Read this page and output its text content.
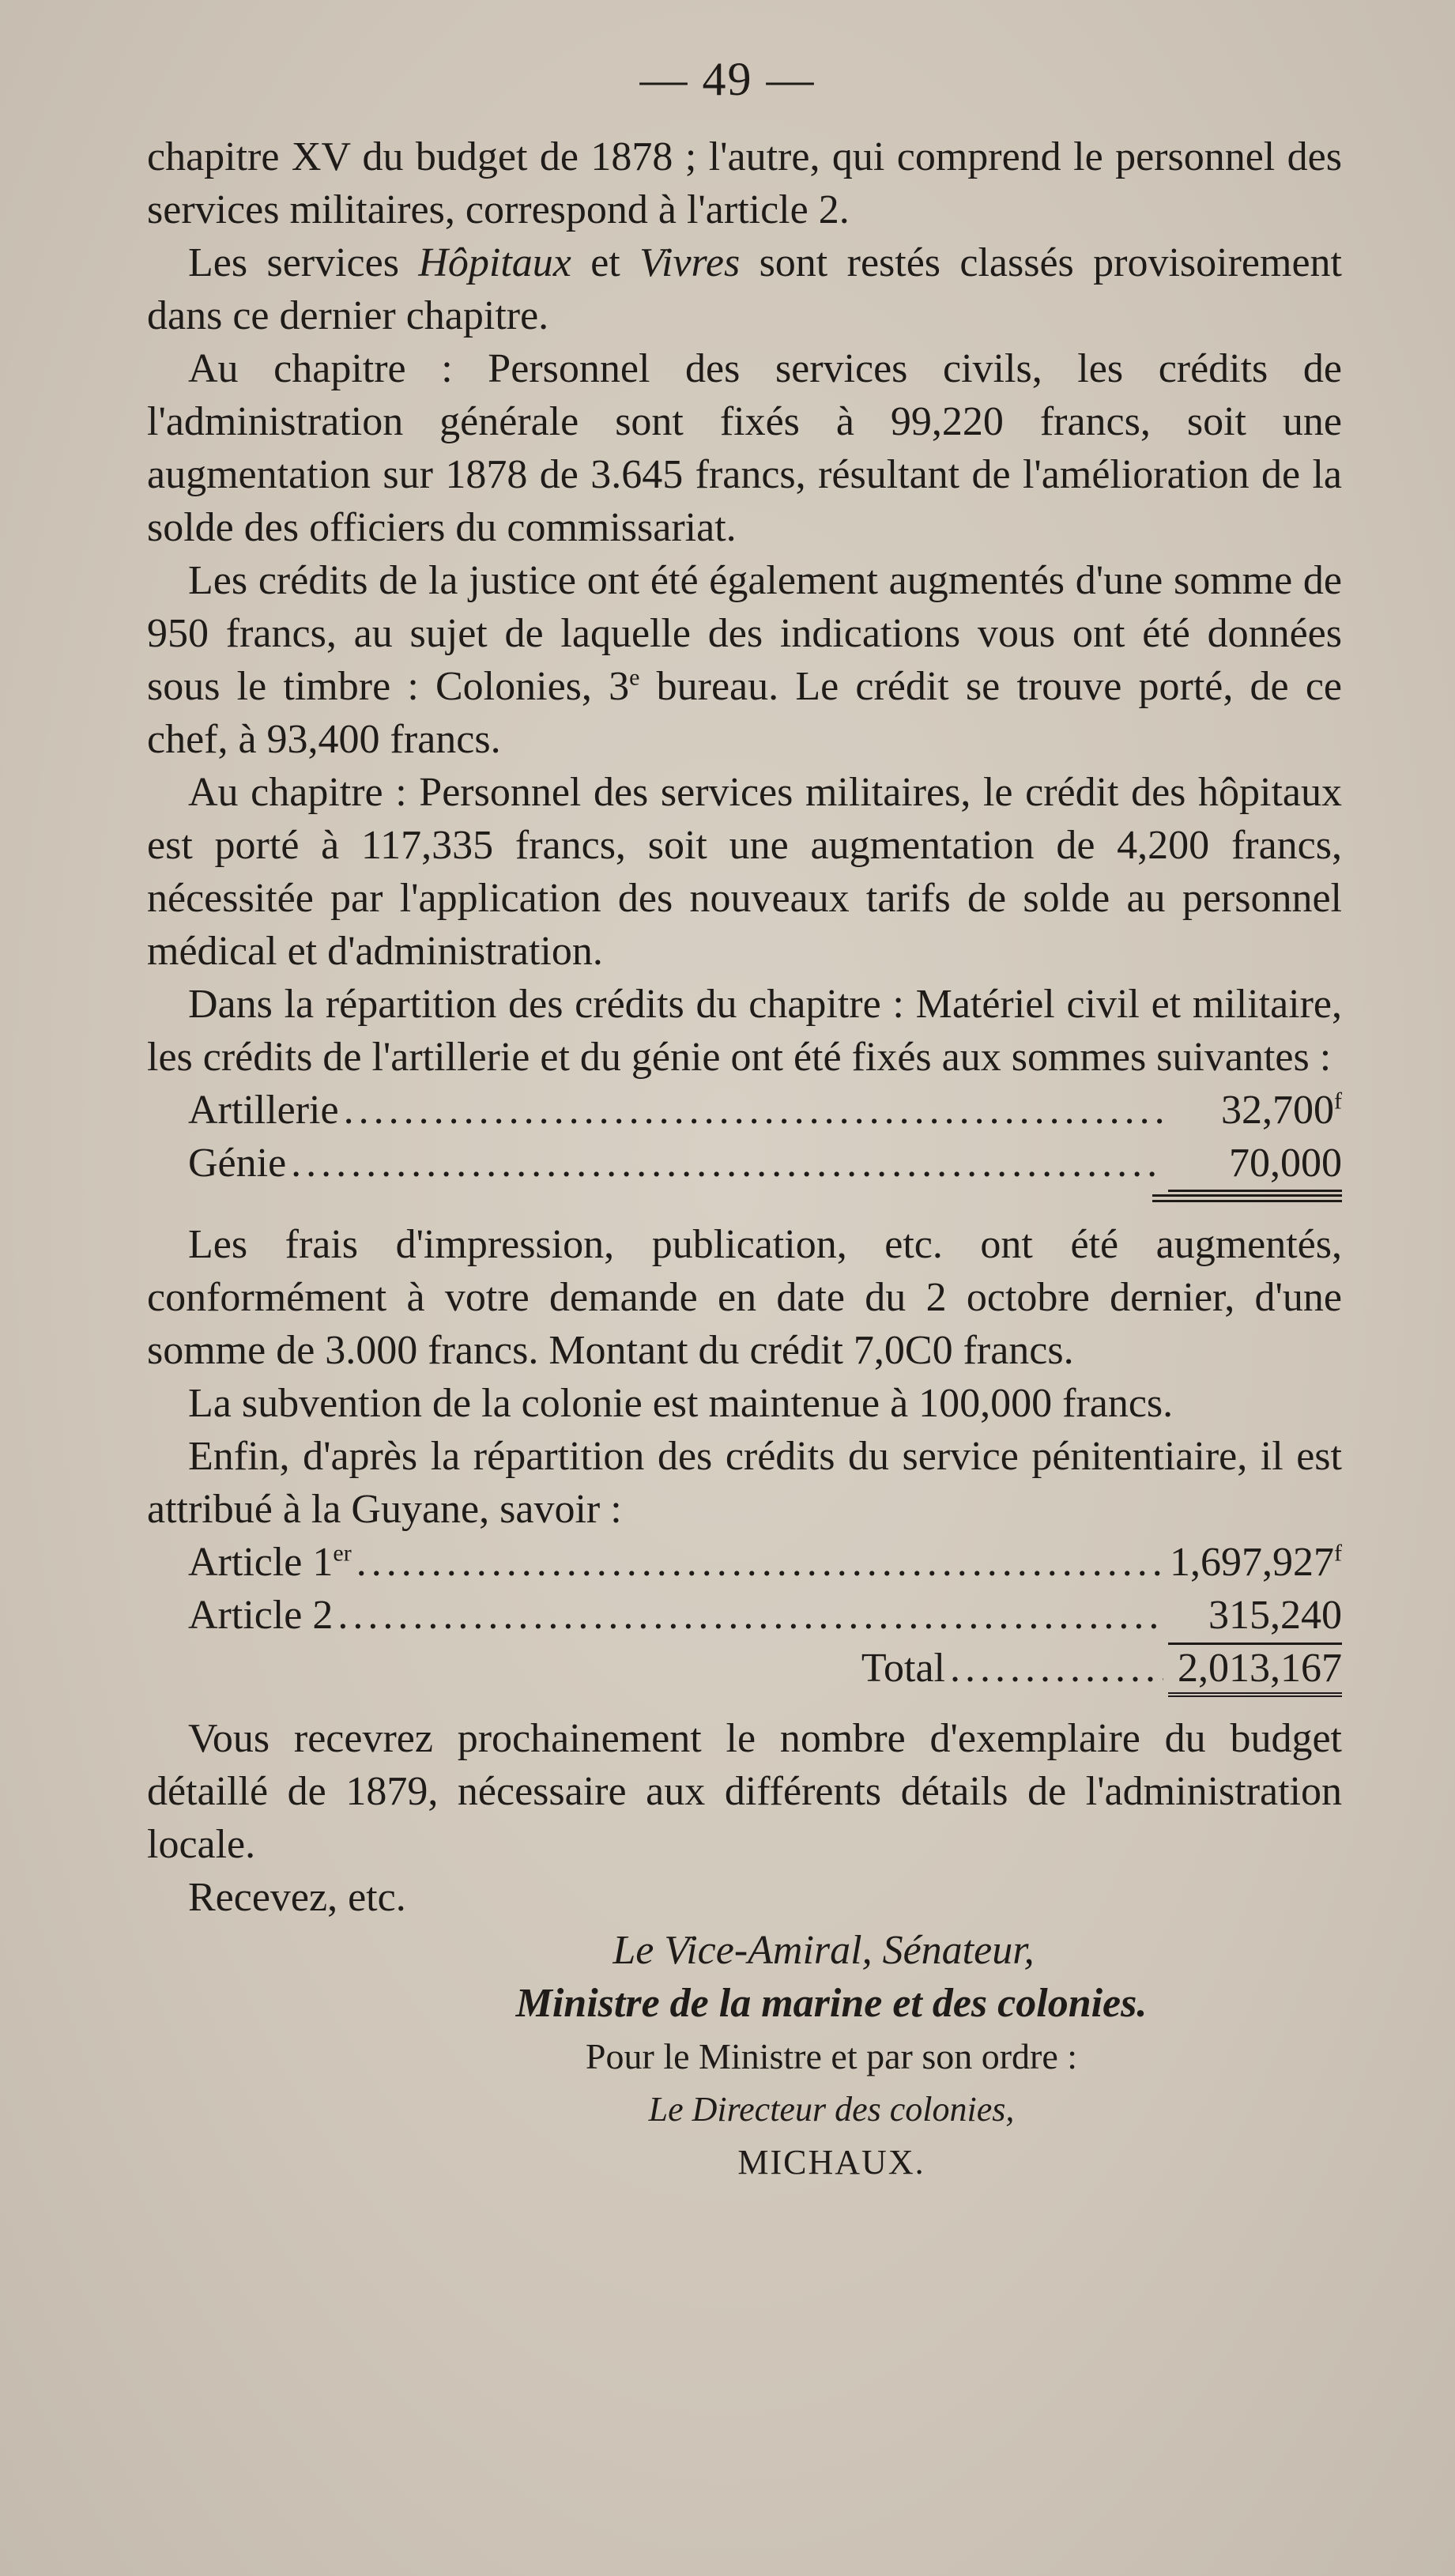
— 49 —

chapitre XV du budget de 1878 ; l'autre, qui comprend le personnel des services militaires, correspond à l'article 2.

Les services Hôpitaux et Vivres sont restés classés provisoirement dans ce dernier chapitre.

Au chapitre : Personnel des services civils, les crédits de l'administration générale sont fixés à 99,220 francs, soit une augmentation sur 1878 de 3.645 francs, résultant de l'amélioration de la solde des officiers du commissariat.

Les crédits de la justice ont été également augmentés d'une somme de 950 francs, au sujet de laquelle des indications vous ont été données sous le timbre : Colonies, 3e bureau. Le crédit se trouve porté, de ce chef, à 93,400 francs.

Au chapitre : Personnel des services militaires, le crédit des hôpitaux est porté à 117,335 francs, soit une augmentation de 4,200 francs, nécessitée par l'application des nouveaux tarifs de solde au personnel médical et d'administration.

Dans la répartition des crédits du chapitre : Matériel civil et militaire, les crédits de l'artillerie et du génie ont été fixés aux sommes suivantes :

Artillerie .....	32,700$^f$
Génie .....	70,000

Les frais d'impression, publication, etc. ont été augmentés, conformément à votre demande en date du 2 octobre dernier, d'une somme de 3.000 francs. Montant du crédit 7,0C0 francs.

La subvention de la colonie est maintenue à 100,000 francs.

Enfin, d'après la répartition des crédits du service pénitentiaire, il est attribué à la Guyane, savoir :

Article 1er .....	1,697,927$^f$
Article 2 .....	315,240
Total .....	2,013,167

Vous recevrez prochainement le nombre d'exemplaire du budget détaillé de 1879, nécessaire aux différents détails de l'administration locale.

Recevez, etc.

Le Vice-Amiral, Sénateur,

Ministre de la marine et des colonies.

Pour le Ministre et par son ordre :

Le Directeur des colonies,

MICHAUX.
